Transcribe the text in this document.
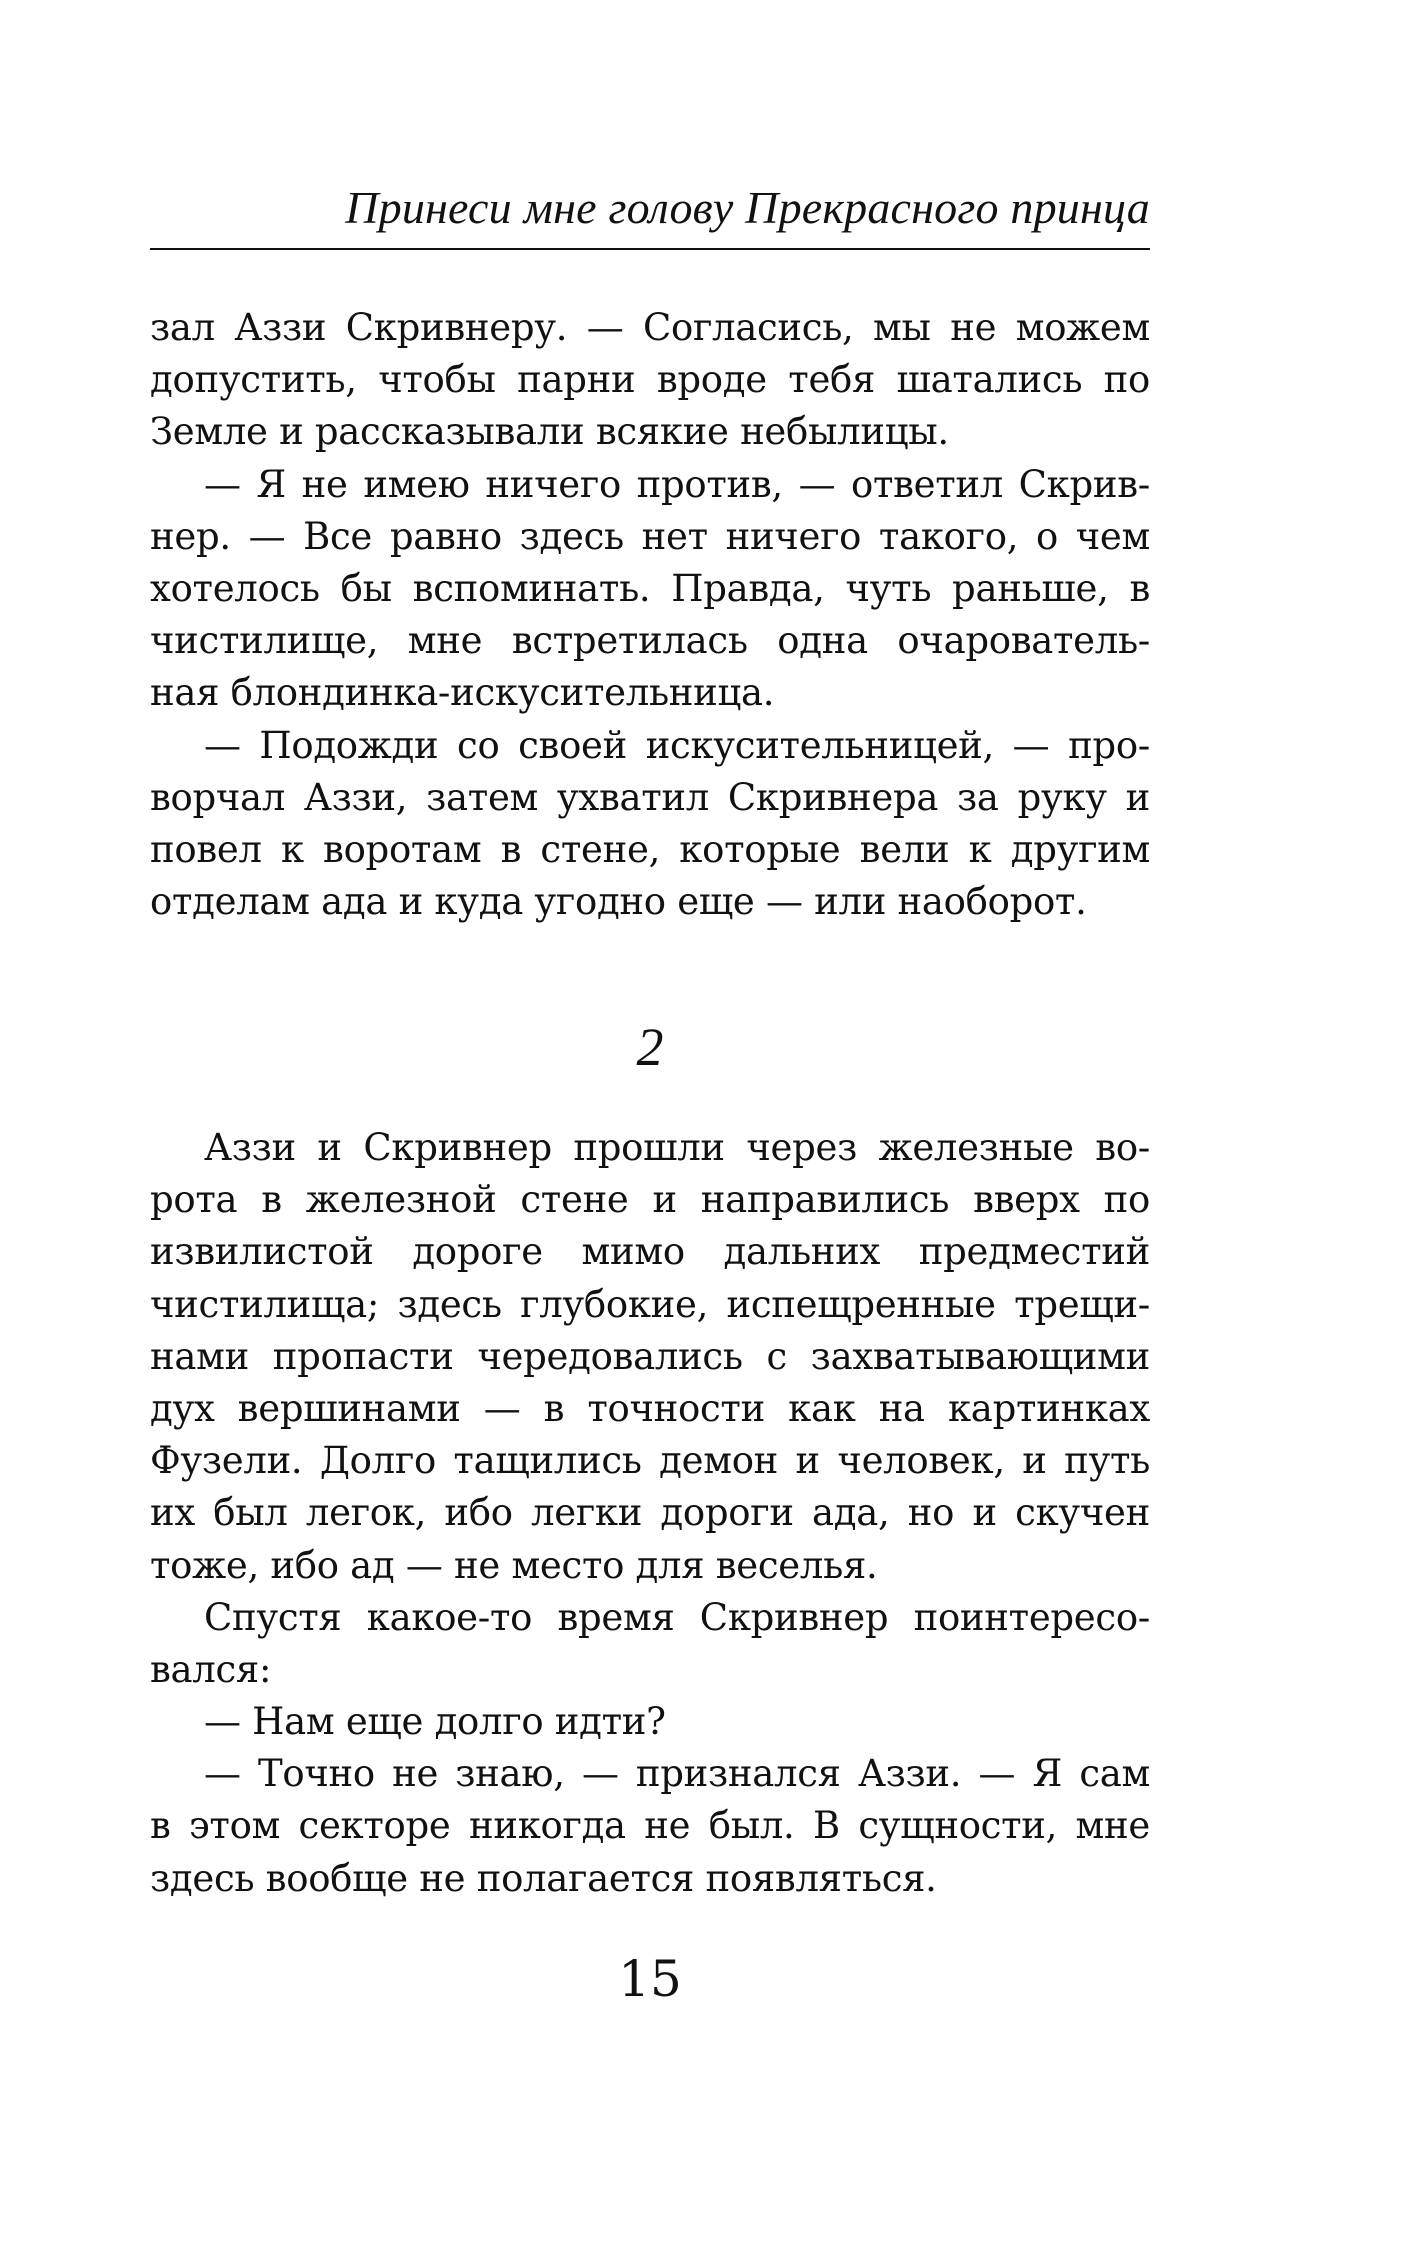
Принеси мне голову Прекрасного принца
зал Аззи Скривнеру. — Согласись, мы не можем
допустить, чтобы парни вроде тебя шатались по
Земле и рассказывали всякие небылицы.
— Я не имею ничего против, — ответил Скрив-
нер. — Все равно здесь нет ничего такого, о чем
хотелось бы вспоминать. Правда, чуть раньше, в
чистилище, мне встретилась одна очарователь-
ная блондинка-искусительница.
— Подожди со своей искусительницей, — про-
ворчал Аззи, затем ухватил Скривнера за руку и
повел к воротам в стене, которые вели к другим
отделам ада и куда угодно еще — или наоборот.
2
Аззи и Скривнер прошли через железные во-
рота в железной стене и направились вверх по
извилистой дороге мимо дальних предместий
чистилища; здесь глубокие, испещренные трещи-
нами пропасти чередовались с захватывающими
дух вершинами — в точности как на картинках
Фузели. Долго тащились демон и человек, и путь
их был легок, ибо легки дороги ада, но и скучен
тоже, ибо ад — не место для веселья.
Спустя какое-то время Скривнер поинтересо-
вался:
— Нам еще долго идти?
— Точно не знаю, — признался Аззи. — Я сам
в этом секторе никогда не был. В сущности, мне
здесь вообще не полагается появляться.
15
